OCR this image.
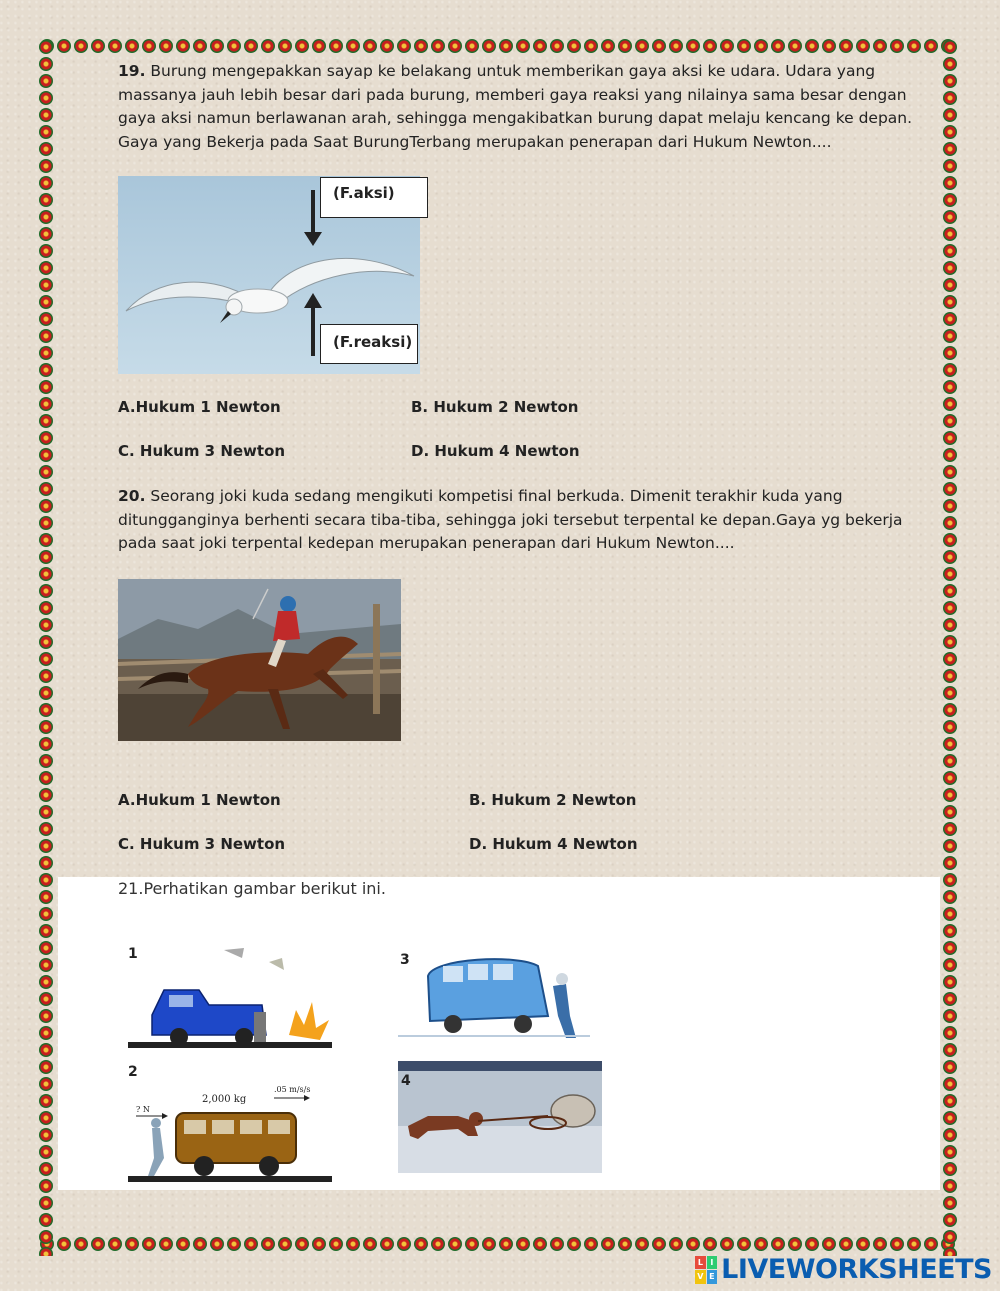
19. Burung mengepakkan sayap ke belakang untuk memberikan gaya aksi ke udara. Udara yang massanya jauh lebih besar dari pada burung, memberi gaya reaksi yang nilainya sama besar dengan gaya aksi namun berlawanan arah, sehingga mengakibatkan burung dapat melaju kencang ke depan. Gaya yang Bekerja pada Saat BurungTerbang merupakan penerapan dari Hukum Newton....
(F.aksi)
(F.reaksi)
A.Hukum 1 Newton	B. Hukum 2 Newton
C. Hukum 3 Newton	D. Hukum 4 Newton
20. Seorang joki kuda sedang mengikuti kompetisi final berkuda. Dimenit terakhir kuda yang ditungganginya berhenti secara tiba-tiba, sehingga joki tersebut terpental ke depan.Gaya yg bekerja pada saat joki terpental kedepan merupakan penerapan dari Hukum Newton....
A.Hukum 1 Newton	B. Hukum 2 Newton
C. Hukum 3 Newton	D. Hukum 4 Newton
21.Perhatikan gambar berikut ini.
1
2
2,000 kg
.05 m/s/s
? N
3
4
L I
V E LIVEWORKSHEETS
